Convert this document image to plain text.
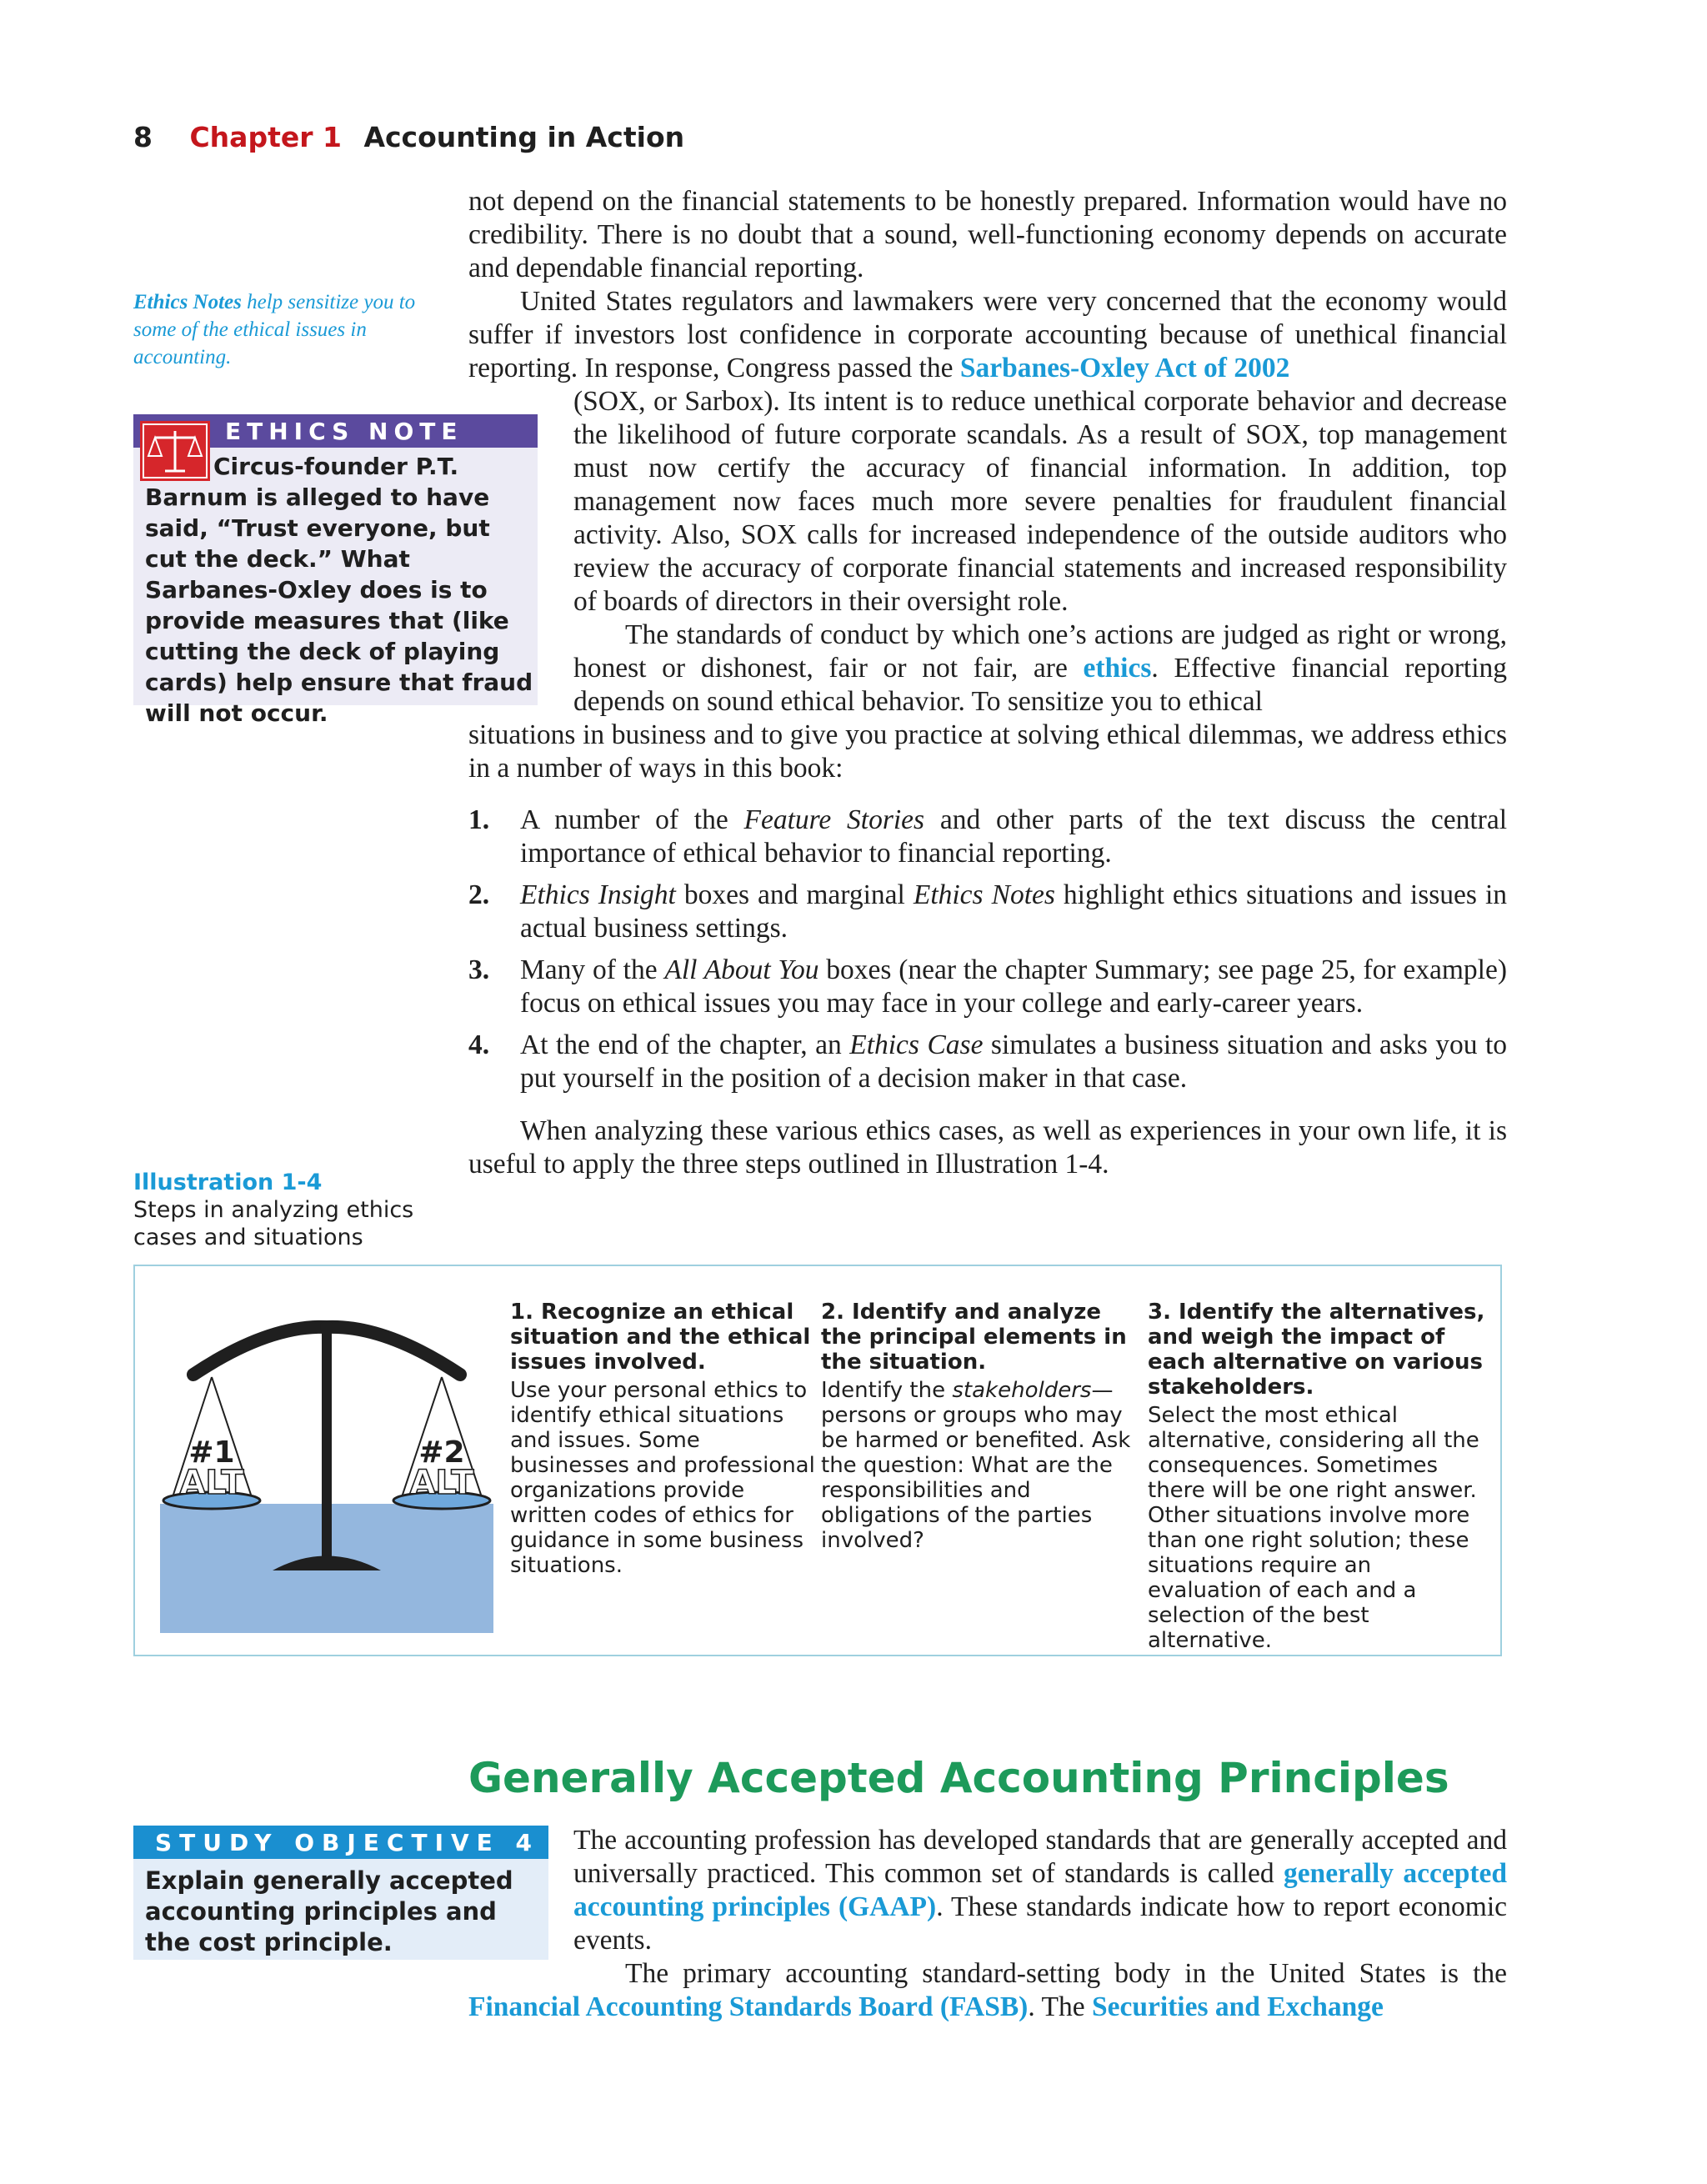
8 Chapter 1 Accounting in Action
Ethics Notes help sensitize you to some of the ethical issues in accounting.

not depend on the financial statements to be honestly prepared. Information would have no credibility. There is no doubt that a sound, well-functioning economy depends on accurate and dependable financial reporting.

United States regulators and lawmakers were very concerned that the economy would suffer if investors lost confidence in corporate accounting because of unethical financial reporting. In response, Congress passed the Sarbanes-Oxley Act of 2002

ETHICS NOTE
Circus-founder P.T. Barnum is alleged to have said, “Trust everyone, but cut the deck.” What Sarbanes-Oxley does is to provide measures that (like cutting the deck of playing cards) help ensure that fraud will not occur.

(SOX, or Sarbox). Its intent is to reduce unethical corporate behavior and decrease the likelihood of future corporate scandals. As a result of SOX, top management must now certify the accuracy of financial information. In addition, top management now faces much more severe penalties for fraudulent financial activity. Also, SOX calls for increased independence of the outside auditors who review the accuracy of corporate financial statements and increased responsibility of boards of directors in their oversight role.

The standards of conduct by which one’s actions are judged as right or wrong, honest or dishonest, fair or not fair, are ethics. Effective financial reporting depends on sound ethical behavior. To sensitize you to ethical

situations in business and to give you practice at solving ethical dilemmas, we address ethics in a number of ways in this book:

1. A number of the Feature Stories and other parts of the text discuss the central importance of ethical behavior to financial reporting.
2. Ethics Insight boxes and marginal Ethics Notes highlight ethics situations and issues in actual business settings.
3. Many of the All About You boxes (near the chapter Summary; see page 25, for example) focus on ethical issues you may face in your college and early-career years.
4. At the end of the chapter, an Ethics Case simulates a business situation and asks you to put yourself in the position of a decision maker in that case.

When analyzing these various ethics cases, as well as experiences in your own life, it is useful to apply the three steps outlined in Illustration 1-4.

Illustration 1-4
Steps in analyzing ethics cases and situations
#1
ALT
#2
ALT
1. Recognize an ethical situation and the ethical issues involved.
Use your personal ethics to identify ethical situations and issues. Some businesses and professional organizations provide written codes of ethics for guidance in some business situations.
2. Identify and analyze the principal elements in the situation.
Identify the stakeholders—persons or groups who may be harmed or benefited. Ask the question: What are the responsibilities and obligations of the parties involved?
3. Identify the alternatives, and weigh the impact of each alternative on various stakeholders.
Select the most ethical alternative, considering all the consequences. Sometimes there will be one right answer. Other situations involve more than one right solution; these situations require an evaluation of each and a selection of the best alternative.
Generally Accepted Accounting Principles
STUDY OBJECTIVE 4
Explain generally accepted accounting principles and the cost principle.

The accounting profession has developed standards that are generally accepted and universally practiced. This common set of standards is called generally accepted accounting principles (GAAP). These standards indicate how to report economic events.

The primary accounting standard-setting body in the United States is the Financial Accounting Standards Board (FASB). The Securities and Exchange
